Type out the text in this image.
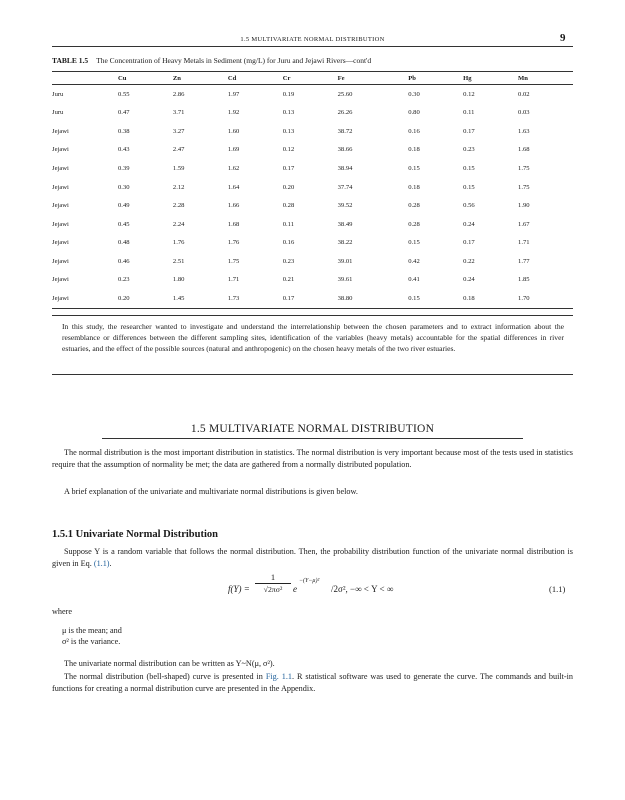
1.5 MULTIVARIATE NORMAL DISTRIBUTION	9
TABLE 1.5 The Concentration of Heavy Metals in Sediment (mg/L) for Juru and Jejawi Rivers—cont'd
	Cu	Zn	Cd	Cr	Fe	Pb	Hg	Mn
Juru	0.55	2.86	1.97	0.19	25.60	0.30	0.12	0.02
Juru	0.47	3.71	1.92	0.13	26.26	0.80	0.11	0.03
Jejawi	0.38	3.27	1.60	0.13	38.72	0.16	0.17	1.63
Jejawi	0.43	2.47	1.69	0.12	38.66	0.18	0.23	1.68
Jejawi	0.39	1.59	1.62	0.17	38.94	0.15	0.15	1.75
Jejawi	0.30	2.12	1.64	0.20	37.74	0.18	0.15	1.75
Jejawi	0.49	2.28	1.66	0.28	39.52	0.28	0.56	1.90
Jejawi	0.45	2.24	1.68	0.11	38.49	0.28	0.24	1.67
Jejawi	0.48	1.76	1.76	0.16	38.22	0.15	0.17	1.71
Jejawi	0.46	2.51	1.75	0.23	39.01	0.42	0.22	1.77
Jejawi	0.23	1.80	1.71	0.21	39.61	0.41	0.24	1.85
Jejawi	0.20	1.45	1.73	0.17	38.80	0.15	0.18	1.70
In this study, the researcher wanted to investigate and understand the interrelationship between the chosen parameters and to extract information about the resemblance or differences between the different sampling sites, identification of the variables (heavy metals) accountable for the spatial differences in river estuaries, and the effect of the possible sources (natural and anthropogenic) on the chosen heavy metals of the two river estuaries.
1.5 MULTIVARIATE NORMAL DISTRIBUTION
The normal distribution is the most important distribution in statistics. The normal distribution is very important because most of the tests used in statistics require that the assumption of normality be met; the data are gathered from a normally distributed population.
A brief explanation of the univariate and multivariate normal distributions is given below.
1.5.1 Univariate Normal Distribution
Suppose Y is a random variable that follows the normal distribution. Then, the probability distribution function of the univariate normal distribution is given in Eq. (1.1).
f(Y) =
1
√2πσ²	e	/2σ², −∞ < Y < ∞
−(Y−μ)²
(1.1)
where
μ is the mean; and
σ² is the variance.
The univariate normal distribution can be written as Y~N(μ, σ²).
The normal distribution (bell-shaped) curve is presented in Fig. 1.1. R statistical software was used to generate the curve. The commands and built-in functions for creating a normal distribution curve are presented in the Appendix.
